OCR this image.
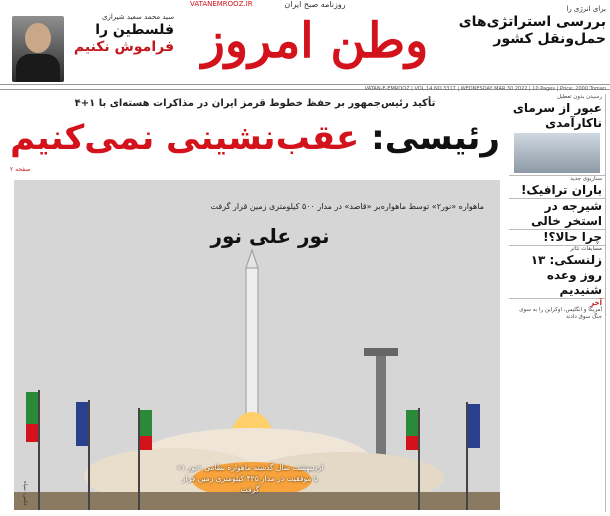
روزنامه صبح ایران
VATANEMROOZ.IR
وطن امروز
برای انرژی را
بررسی استراتژی‌های حمل‌ونقل کشور
سید محمد سعید شیرازی
فلسطین را
فراموش نکنیم
VATAN-E-EMROOZ | VOL.14 NO.3317 | WEDNESDAY MAR.30 2022 | 10 Pages | Price: 2000 Toman
تأکید رئیس‌جمهور بر حفظ خطوط قرمز ایران در مذاکرات هسته‌ای با ۱+۴
رئیسی: عقب‌نشینی نمی‌کنیم
صفحه ۲
ماهواره «نور۲» توسط ماهواره‌بر «قاصد» در مدار ۵۰۰ کیلومتری زمین قرار گرفت
نور علی نور
اردیبهشت سال گذشته ماهواره نظامی «نور ۱» با موفقیت در مدار ۴۲۵ کیلومتری زمین قرار گرفت
عکس: سپاه
رسیدن بدون تعطیل
عبور از سرمای ناکارآمدی
سناریوی جدید
باران ترافیک!
شیرجه در استخر خالی
چرا حالا؟!
مسابقات تئاتر
زلنسکی: ۱۳ روز وعده شنیدیم
آخر
آمریکا و انگلیس، اوکراین را به سوی جنگ سوق دادند
